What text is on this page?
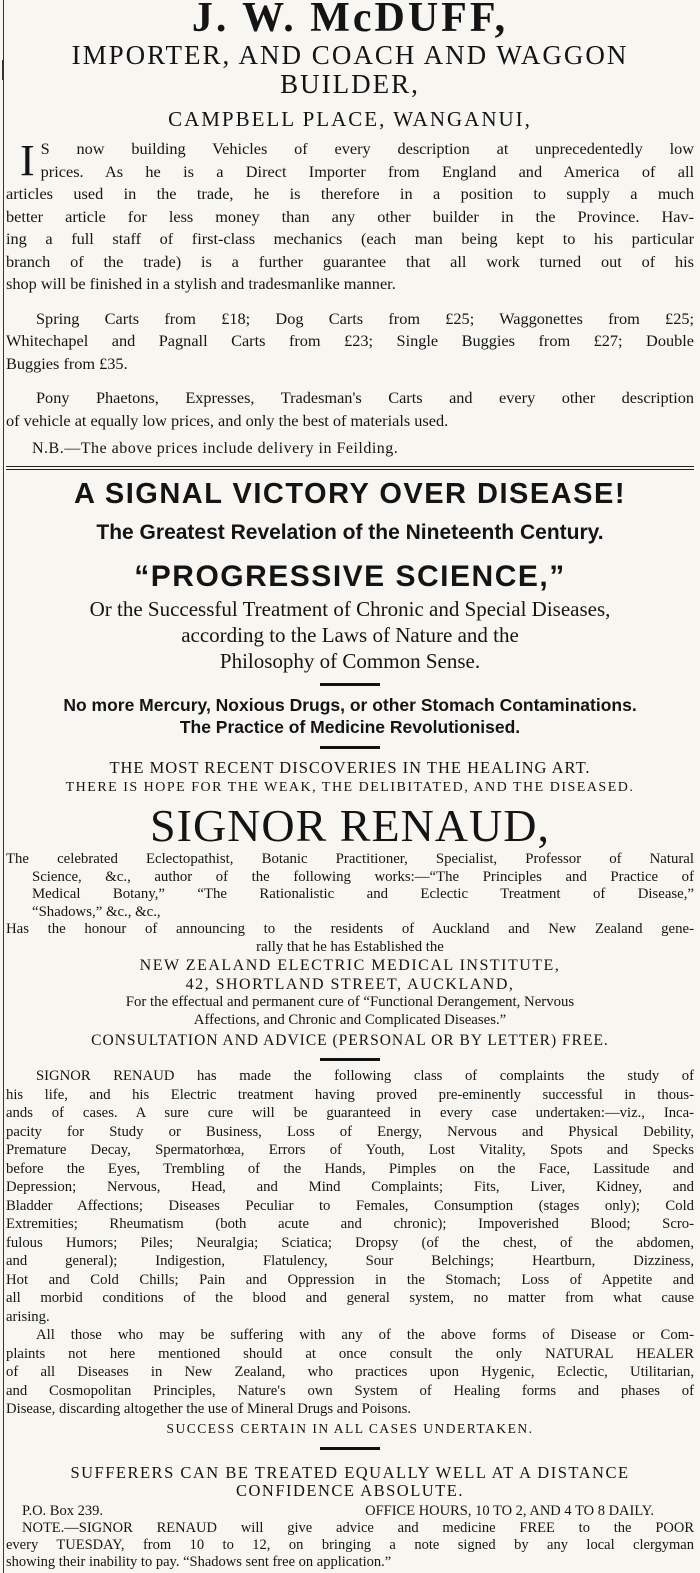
J. W. McDUFF,
IMPORTER, AND COACH AND WAGGON
BUILDER,
CAMPBELL PLACE, WANGANUI,
I S now building Vehicles of every description at unprecedentedly low
prices. As he is a Direct Importer from England and America of all
articles used in the trade, he is therefore in a position to supply a much
better article for less money than any other builder in the Province. Hav-
ing a full staff of first-class mechanics (each man being kept to his particular
branch of the trade) is a further guarantee that all work turned out of his
shop will be finished in a stylish and tradesmanlike manner.
Spring Carts from £18; Dog Carts from £25; Waggonettes from £25;
Whitechapel and Pagnall Carts from £23; Single Buggies from £27; Double
Buggies from £35.
Pony Phaetons, Expresses, Tradesman's Carts and every other description
of vehicle at equally low prices, and only the best of materials used.
N.B.—The above prices include delivery in Feilding.
A SIGNAL VICTORY OVER DISEASE!
The Greatest Revelation of the Nineteenth Century.
“PROGRESSIVE SCIENCE,”
Or the Successful Treatment of Chronic and Special Diseases,
according to the Laws of Nature and the
Philosophy of Common Sense.
No more Mercury, Noxious Drugs, or other Stomach Contaminations.
The Practice of Medicine Revolutionised.
THE MOST RECENT DISCOVERIES IN THE HEALING ART.
THERE IS HOPE FOR THE WEAK, THE DELIBITATED, AND THE DISEASED.
SIGNOR RENAUD,
The celebrated Eclectopathist, Botanic Practitioner, Specialist, Professor of Natural
Science, &c., author of the following works:—“The Principles and Practice of
Medical Botany,” “The Rationalistic and Eclectic Treatment of Disease,”
“Shadows,” &c., &c.,
Has the honour of announcing to the residents of Auckland and New Zealand gene-
rally that he has Established the
NEW ZEALAND ELECTRIC MEDICAL INSTITUTE,
42, SHORTLAND STREET, AUCKLAND,
For the effectual and permanent cure of “Functional Derangement, Nervous
Affections, and Chronic and Complicated Diseases.”
CONSULTATION AND ADVICE (PERSONAL OR BY LETTER) FREE.
SIGNOR RENAUD has made the following class of complaints the study of
his life, and his Electric treatment having proved pre-eminently successful in thous-
ands of cases. A sure cure will be guaranteed in every case undertaken:—viz., Inca-
pacity for Study or Business, Loss of Energy, Nervous and Physical Debility,
Premature Decay, Spermatorhœa, Errors of Youth, Lost Vitality, Spots and Specks
before the Eyes, Trembling of the Hands, Pimples on the Face, Lassitude and
Depression; Nervous, Head, and Mind Complaints; Fits, Liver, Kidney, and
Bladder Affections; Diseases Peculiar to Females, Consumption (stages only); Cold
Extremities; Rheumatism (both acute and chronic); Impoverished Blood; Scro-
fulous Humors; Piles; Neuralgia; Sciatica; Dropsy (of the chest, of the abdomen,
and general); Indigestion, Flatulency, Sour Belchings; Heartburn, Dizziness,
Hot and Cold Chills; Pain and Oppression in the Stomach; Loss of Appetite and
all morbid conditions of the blood and general system, no matter from what cause
arising.
All those who may be suffering with any of the above forms of Disease or Com-
plaints not here mentioned should at once consult the only NATURAL HEALER
of all Diseases in New Zealand, who practices upon Hygenic, Eclectic, Utilitarian,
and Cosmopolitan Principles, Nature's own System of Healing forms and phases of
Disease, discarding altogether the use of Mineral Drugs and Poisons.
SUCCESS CERTAIN IN ALL CASES UNDERTAKEN.
SUFFERERS CAN BE TREATED EQUALLY WELL AT A DISTANCE
CONFIDENCE ABSOLUTE.
P.O. Box 239.	OFFICE HOURS, 10 TO 2, AND 4 TO 8 DAILY.
NOTE.—SIGNOR RENAUD will give advice and medicine FREE to the POOR
every TUESDAY, from 10 to 12, on bringing a note signed by any local clergyman
showing their inability to pay. “Shadows sent free on application.”
